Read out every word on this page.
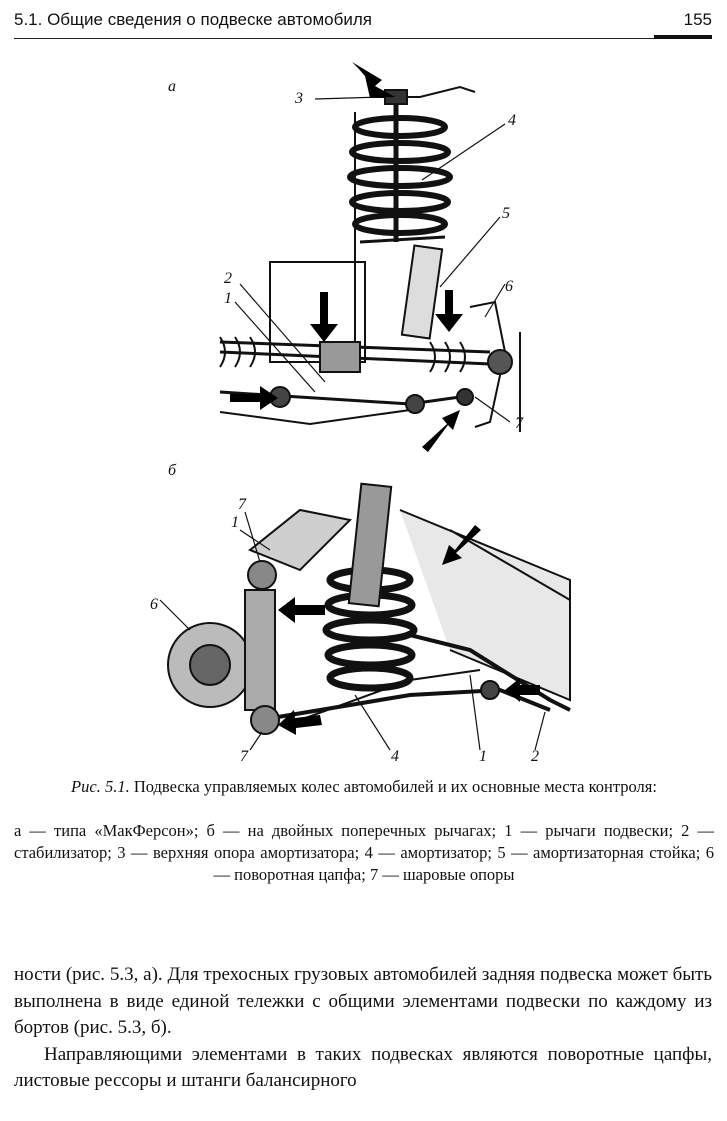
5.1. Общие сведения о подвеске автомобиля	155
а
3
4
5
2
1
6
7
б
7
1
6
7	4	1	2
Рис. 5.1. Подвеска управляемых колес автомобилей и их основные места контроля:
а — типа «МакФерсон»; б — на двойных поперечных рычагах; 1 — рычаги подвески; 2 — стабилизатор; 3 — верхняя опора амортизатора; 4 — амортизатор; 5 — амортизаторная стойка; 6 — поворотная цапфа; 7 — шаровые опоры

ности (рис. 5.3, а). Для трехосных грузовых автомобилей задняя подвеска может быть выполнена в виде единой тележки с общими элементами подвески по каждому из бортов (рис. 5.3, б).

Направляющими элементами в таких подвесках являются поворотные цапфы, листовые рессоры и штанги балансирного
